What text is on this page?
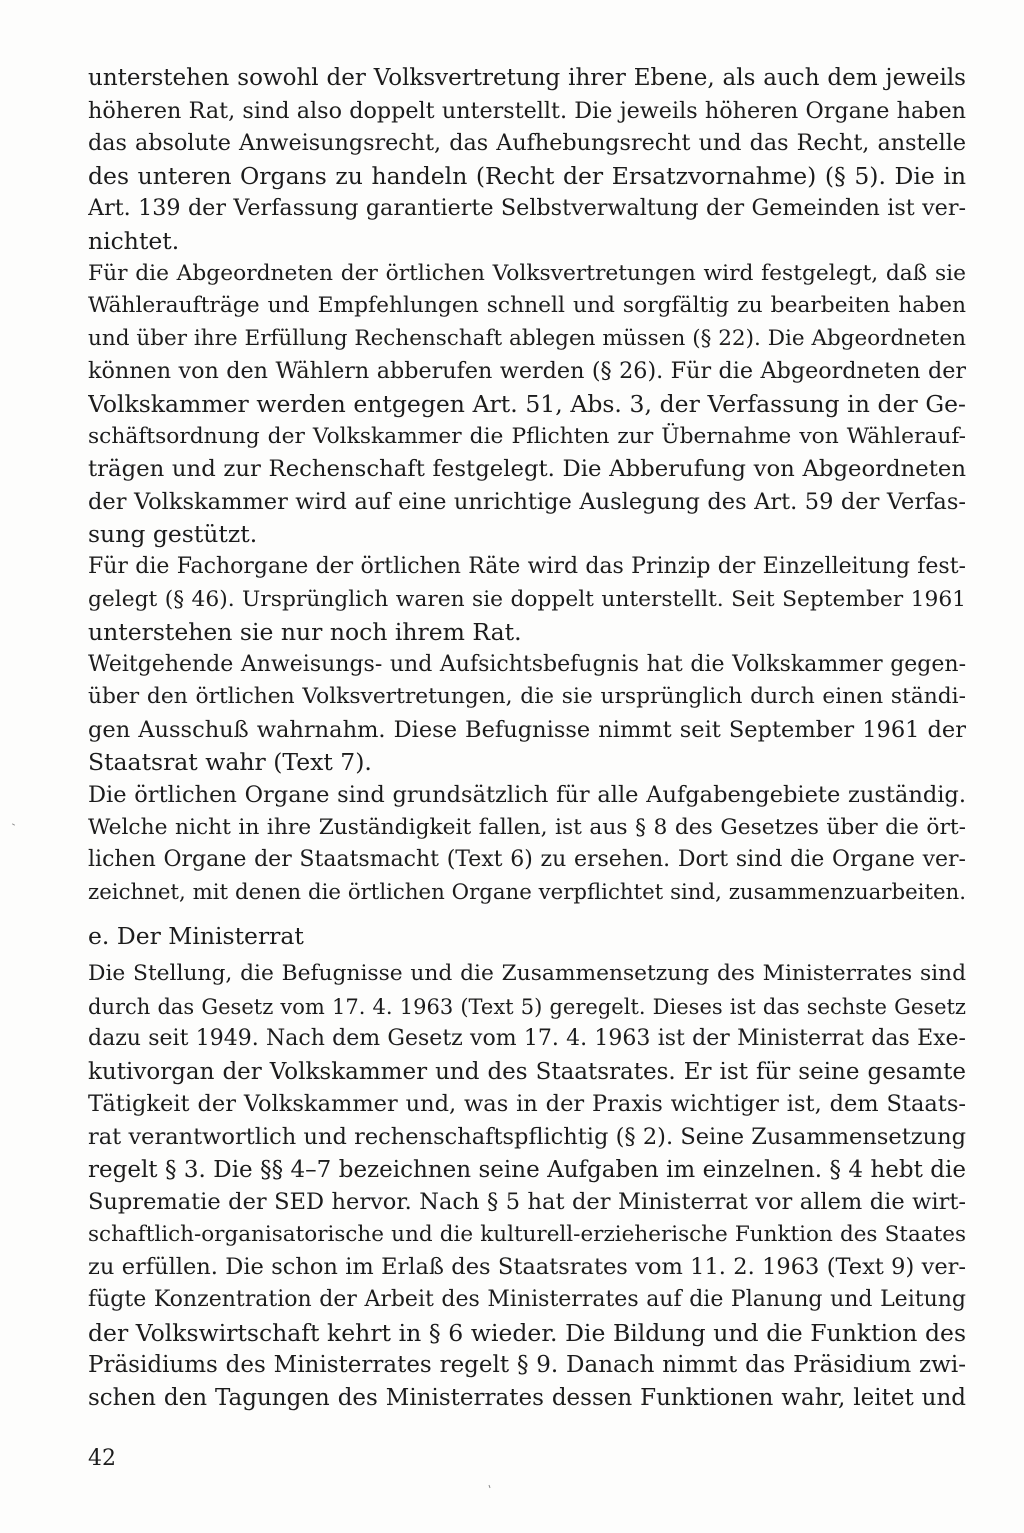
unterstehen sowohl der Volksvertretung ihrer Ebene, als auch dem jeweils
höheren Rat, sind also doppelt unterstellt. Die jeweils höheren Organe haben
das absolute Anweisungsrecht, das Aufhebungsrecht und das Recht, anstelle
des unteren Organs zu handeln (Recht der Ersatzvornahme) (§ 5). Die in
Art. 139 der Verfassung garantierte Selbstverwaltung der Gemeinden ist ver-
nichtet.
Für die Abgeordneten der örtlichen Volksvertretungen wird festgelegt, daß sie
Wähleraufträge und Empfehlungen schnell und sorgfältig zu bearbeiten haben
und über ihre Erfüllung Rechenschaft ablegen müssen (§ 22). Die Abgeordneten
können von den Wählern abberufen werden (§ 26). Für die Abgeordneten der
Volkskammer werden entgegen Art. 51, Abs. 3, der Verfassung in der Ge-
schäftsordnung der Volkskammer die Pflichten zur Übernahme von Wählerauf-
trägen und zur Rechenschaft festgelegt. Die Abberufung von Abgeordneten
der Volkskammer wird auf eine unrichtige Auslegung des Art. 59 der Verfas-
sung gestützt.
Für die Fachorgane der örtlichen Räte wird das Prinzip der Einzelleitung fest-
gelegt (§ 46). Ursprünglich waren sie doppelt unterstellt. Seit September 1961
unterstehen sie nur noch ihrem Rat.
Weitgehende Anweisungs- und Aufsichtsbefugnis hat die Volkskammer gegen-
über den örtlichen Volksvertretungen, die sie ursprünglich durch einen ständi-
gen Ausschuß wahrnahm. Diese Befugnisse nimmt seit September 1961 der
Staatsrat wahr (Text 7).
Die örtlichen Organe sind grundsätzlich für alle Aufgabengebiete zuständig.
Welche nicht in ihre Zuständigkeit fallen, ist aus § 8 des Gesetzes über die ört-
lichen Organe der Staatsmacht (Text 6) zu ersehen. Dort sind die Organe ver-
zeichnet, mit denen die örtlichen Organe verpflichtet sind, zusammenzuarbeiten.
e. Der Ministerrat
Die Stellung, die Befugnisse und die Zusammensetzung des Ministerrates sind
durch das Gesetz vom 17. 4. 1963 (Text 5) geregelt. Dieses ist das sechste Gesetz
dazu seit 1949. Nach dem Gesetz vom 17. 4. 1963 ist der Ministerrat das Exe-
kutivorgan der Volkskammer und des Staatsrates. Er ist für seine gesamte
Tätigkeit der Volkskammer und, was in der Praxis wichtiger ist, dem Staats-
rat verantwortlich und rechenschaftspflichtig (§ 2). Seine Zusammensetzung
regelt § 3. Die §§ 4–7 bezeichnen seine Aufgaben im einzelnen. § 4 hebt die
Suprematie der SED hervor. Nach § 5 hat der Ministerrat vor allem die wirt-
schaftlich-organisatorische und die kulturell-erzieherische Funktion des Staates
zu erfüllen. Die schon im Erlaß des Staatsrates vom 11. 2. 1963 (Text 9) ver-
fügte Konzentration der Arbeit des Ministerrates auf die Planung und Leitung
der Volkswirtschaft kehrt in § 6 wieder. Die Bildung und die Funktion des
Präsidiums des Ministerrates regelt § 9. Danach nimmt das Präsidium zwi-
schen den Tagungen des Ministerrates dessen Funktionen wahr, leitet und
42
